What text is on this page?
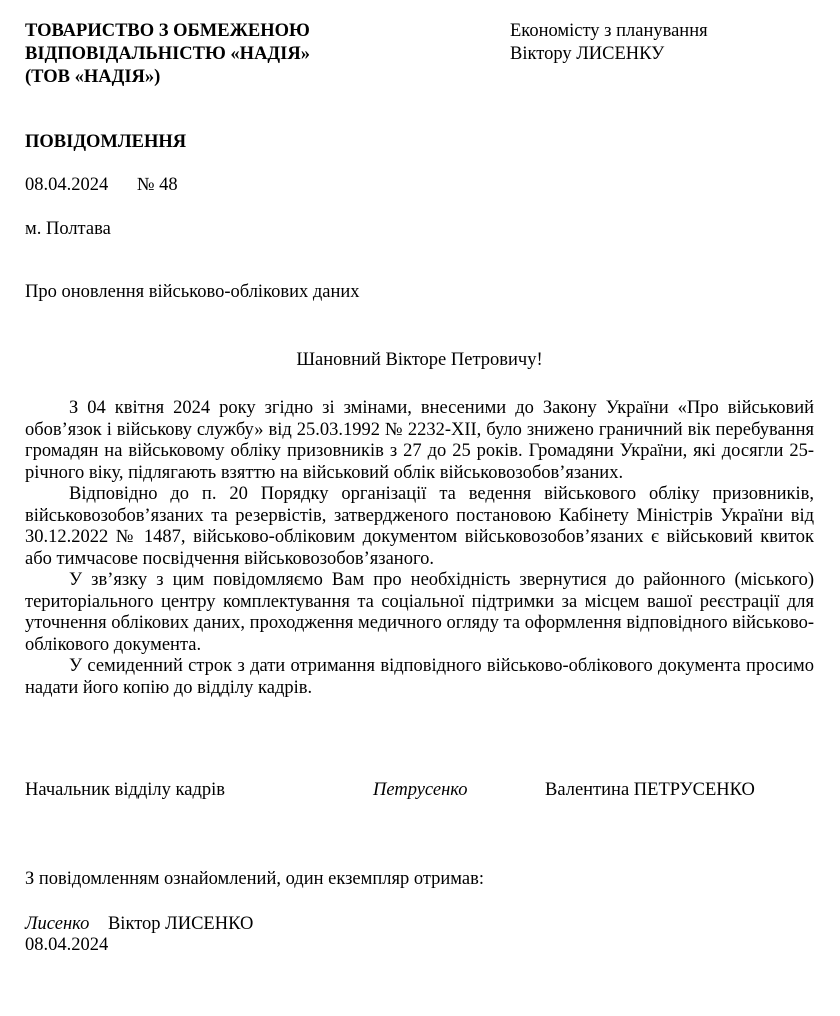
ТОВАРИСТВО З ОБМЕЖЕНОЮ
ВІДПОВІДАЛЬНІСТЮ «НАДІЯ»
(ТОВ «НАДІЯ»)
Економісту з планування
Віктору ЛИСЕНКУ
ПОВІДОМЛЕННЯ
08.04.2024 № 48
м. Полтава
Про оновлення військово-облікових даних
Шановний Вікторе Петровичу!

З 04 квітня 2024 року згідно зі змінами, внесеними до Закону України «Про військовий обов’язок і військову службу» від 25.03.1992 № 2232-XII, було знижено граничний вік перебування громадян на військовому обліку призовників з 27 до 25 років. Громадяни України, які досягли 25-річного віку, підлягають взяттю на військовий облік військовозобов’язаних.

Відповідно до п. 20 Порядку організації та ведення військового обліку призовників, військовозобов’язаних та резервістів, затвердженого постановою Кабінету Міністрів України від 30.12.2022 № 1487, військово-обліковим документом військовозобов’язаних є військовий квиток або тимчасове посвідчення військовозобов’язаного.

У зв’язку з цим повідомляємо Вам про необхідність звернутися до районного (міського) територіального центру комплектування та соціальної підтримки за місцем вашої реєстрації для уточнення облікових даних, проходження медичного огляду та оформлення відповідного військово-облікового документа.

У семиденний строк з дати отримання відповідного військово-облікового документа просимо надати його копію до відділу кадрів.

Начальник відділу кадрів	Петрусенко	Валентина ПЕТРУСЕНКО
З повідомленням ознайомлений, один екземпляр отримав:
Лисенко Віктор ЛИСЕНКО
08.04.2024
